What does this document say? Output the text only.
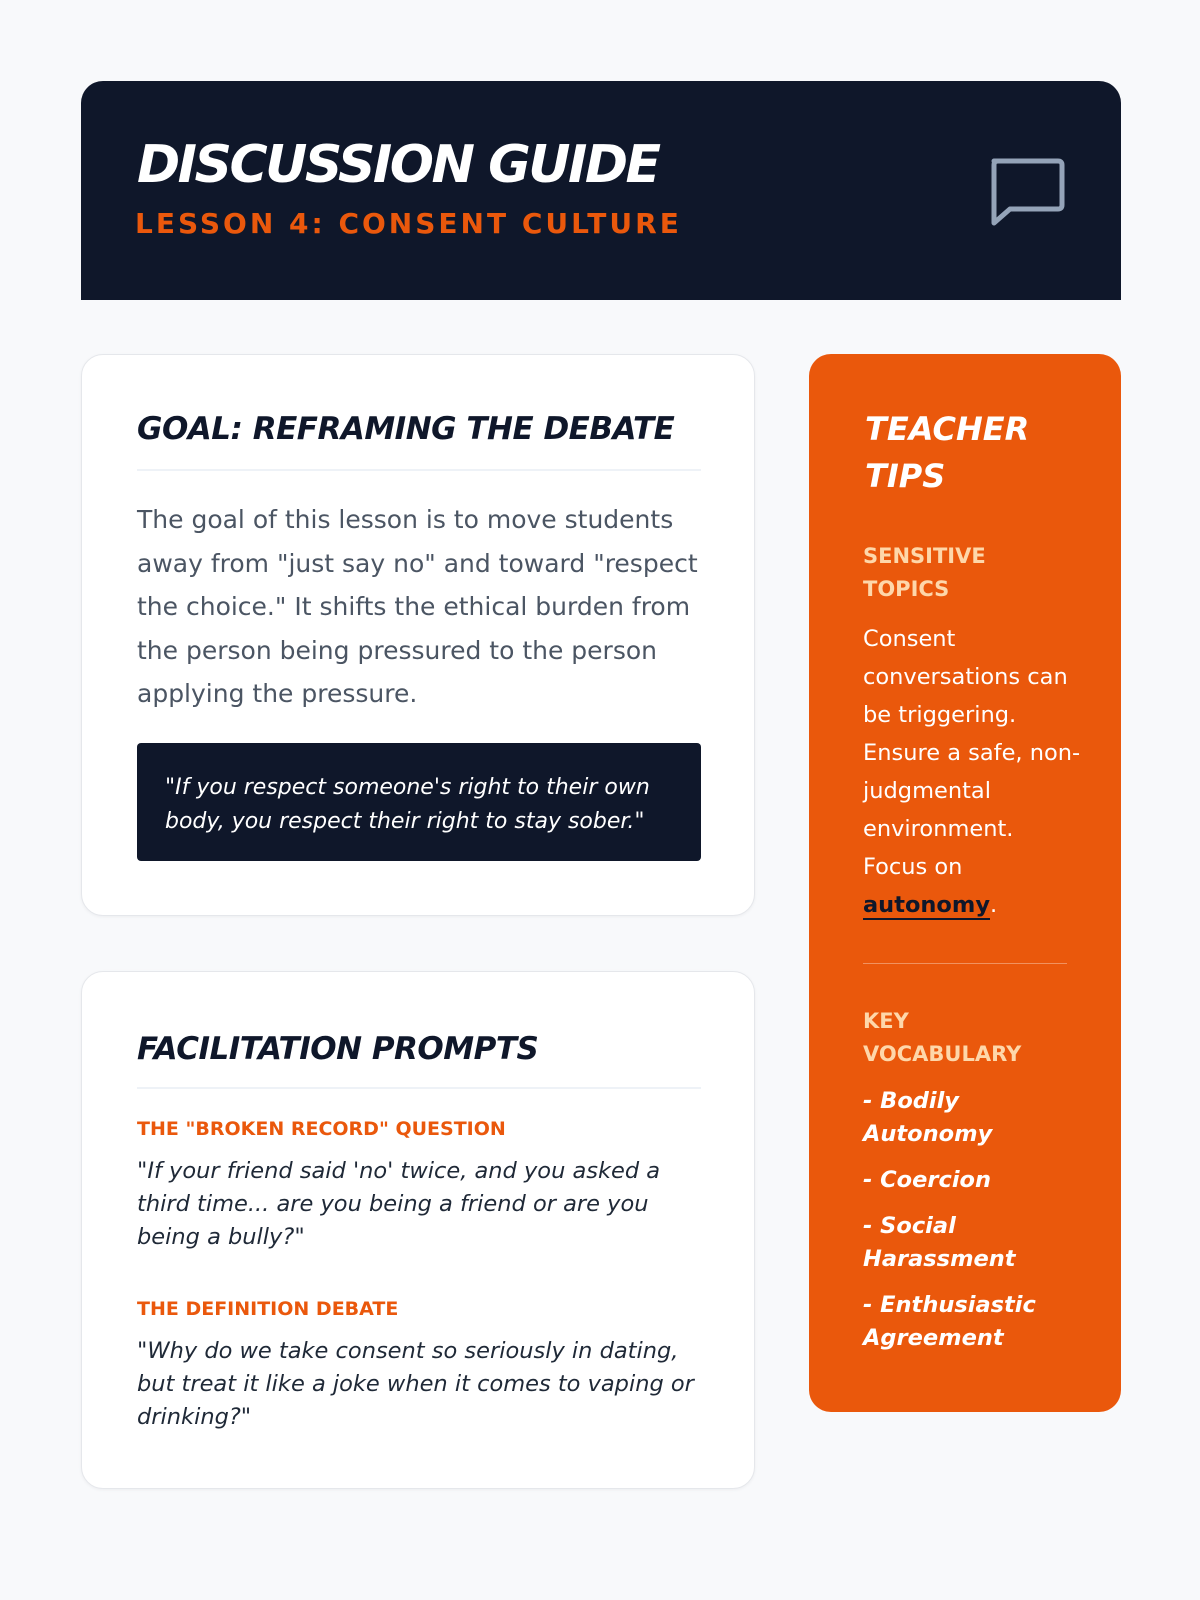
DISCUSSION GUIDE
LESSON 4: CONSENT CULTURE
GOAL: REFRAMING THE DEBATE

The goal of this lesson is to move students away from "just say no" and toward "respect the choice." It shifts the ethical burden from the person being pressured to the person applying the pressure.

"If you respect someone's right to their own body, you respect their right to stay sober."
FACILITATION PROMPTS
THE "BROKEN RECORD" QUESTION

"If your friend said 'no' twice, and you asked a third time... are you being a friend or are you being a bully?"

THE DEFINITION DEBATE

"Why do we take consent so seriously in dating, but treat it like a joke when it comes to vaping or drinking?"

TEACHER TIPS
SENSITIVE TOPICS

Consent conversations can be triggering. Ensure a safe, non-judgmental environment. Focus on autonomy.

KEY VOCABULARY
- Bodily Autonomy
- Coercion
- Social Harassment
- Enthusiastic Agreement
